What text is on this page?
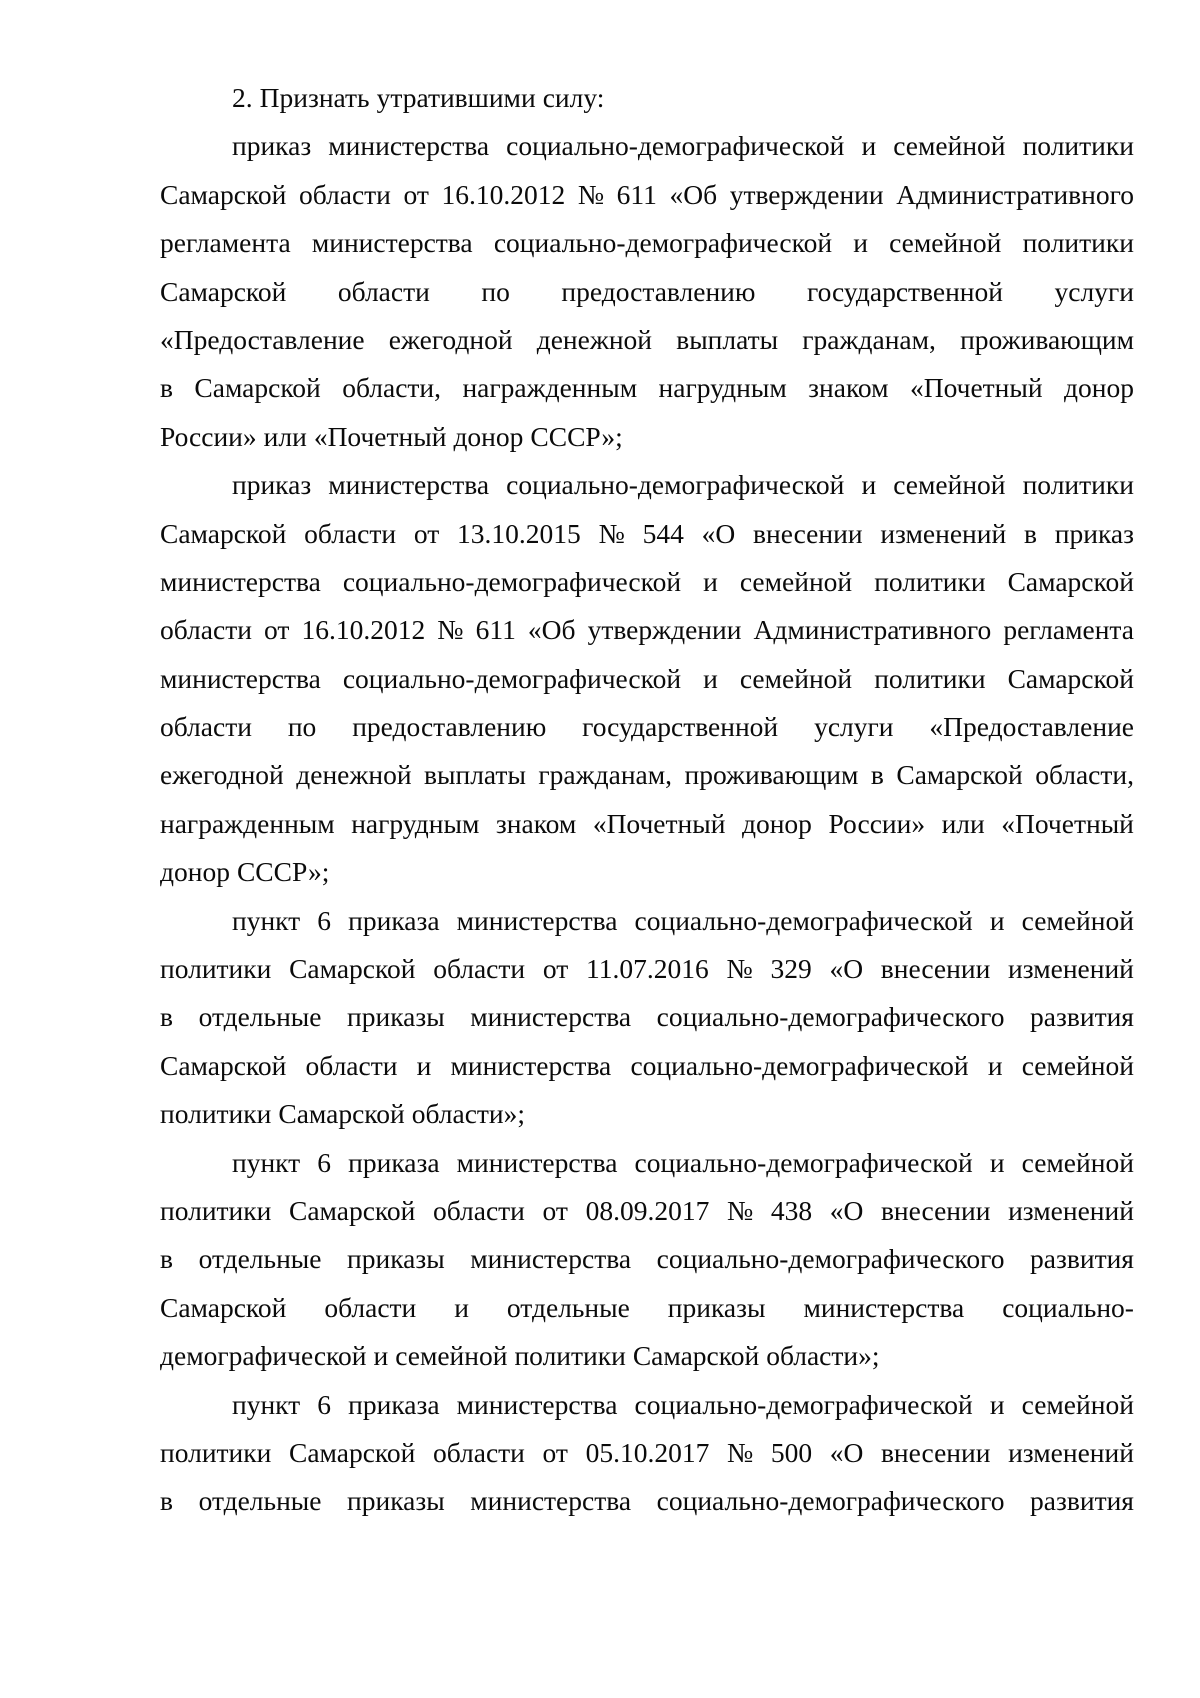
2. Признать утратившими силу:
приказ министерства социально-демографической и семейной политики
Самарской области от 16.10.2012 № 611 «Об утверждении Административного
регламента министерства социально-демографической и семейной политики
Самарской области по предоставлению государственной услуги
«Предоставление ежегодной денежной выплаты гражданам, проживающим
в Самарской области, награжденным нагрудным знаком «Почетный донор
России» или «Почетный донор СССР»;
приказ министерства социально-демографической и семейной политики
Самарской области от 13.10.2015 № 544 «О внесении изменений в приказ
министерства социально-демографической и семейной политики Самарской
области от 16.10.2012 № 611 «Об утверждении Административного регламента
министерства социально-демографической и семейной политики Самарской
области по предоставлению государственной услуги «Предоставление
ежегодной денежной выплаты гражданам, проживающим в Самарской области,
награжденным нагрудным знаком «Почетный донор России» или «Почетный
донор СССР»;
пункт 6 приказа министерства социально-демографической и семейной
политики Самарской области от 11.07.2016 № 329 «О внесении изменений
в отдельные приказы министерства социально-демографического развития
Самарской области и министерства социально-демографической и семейной
политики Самарской области»;
пункт 6 приказа министерства социально-демографической и семейной
политики Самарской области от 08.09.2017 № 438 «О внесении изменений
в отдельные приказы министерства социально-демографического развития
Самарской области и отдельные приказы министерства социально-
демографической и семейной политики Самарской области»;
пункт 6 приказа министерства социально-демографической и семейной
политики Самарской области от 05.10.2017 № 500 «О внесении изменений
в отдельные приказы министерства социально-демографического развития
